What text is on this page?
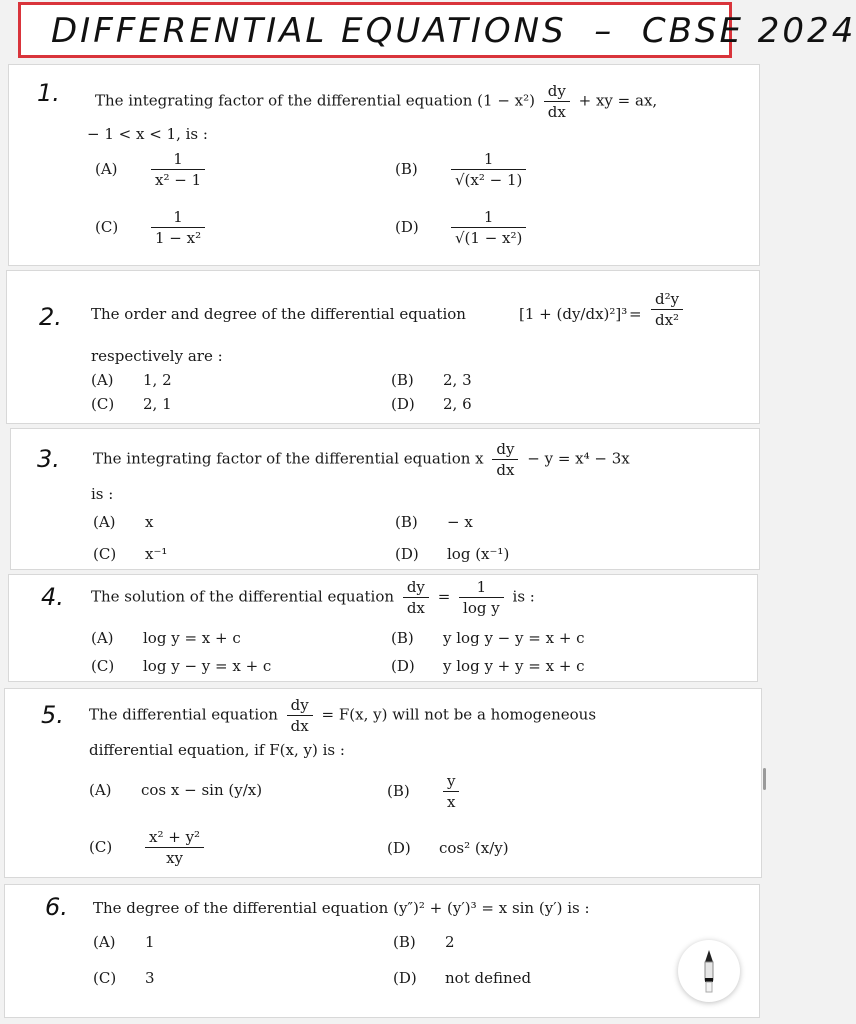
DIFFERENTIAL EQUATIONS  –  CBSE 2024
1. The integrating factor of the differential equation $(1 - x^2) \frac{dy}{dx}$ + xy = ax,
− 1 < x < 1, is :
$(A) \frac{1}{\text{x² − 1}}$	$(B) \frac{1}{\text{√(x² − 1)}}$
$(C) \frac{1}{\text{1 − x²}}$	$(D) \frac{1}{\text{√(1 − x²)}}$
2. The order and degree of the differential equation	$[1 + (dy/dx)^2]^3 = \frac{\text{d²y}}{\text{dx²}}$
respectively are :
(A) 1, 2	(B) 2, 3
(C) 2, 1	(D) 2, 6
3. The integrating factor of the differential equation x $\frac{dy}{dx} - y = x^4 - 3x$
is :
(A) x	(B) − x
(C) x⁻¹	(D) log (x⁻¹)
4. The solution of the differential equation $\frac{dy}{dx} = \frac{1}{\text{log y}}$ is :
(A) log y = x + c	(B) y log y − y = x + c
(C) log y − y = x + c	(D) y log y + y = x + c
5. The differential equation $\frac{dy}{dx} = F(x$, y) will not be a homogeneous
differential equation, if F(x, y) is :
(A) cos x − sin (y/x)	$(B) \frac{y}{x}$
$(C) \frac{\text{x² + y²}}{xy}$	(D) cos² (x/y)
6. The degree of the differential equation (y″)² + (y′)³ = x sin (y′) is :
(A) 1	(B) 2
(C) 3	(D) not defined
